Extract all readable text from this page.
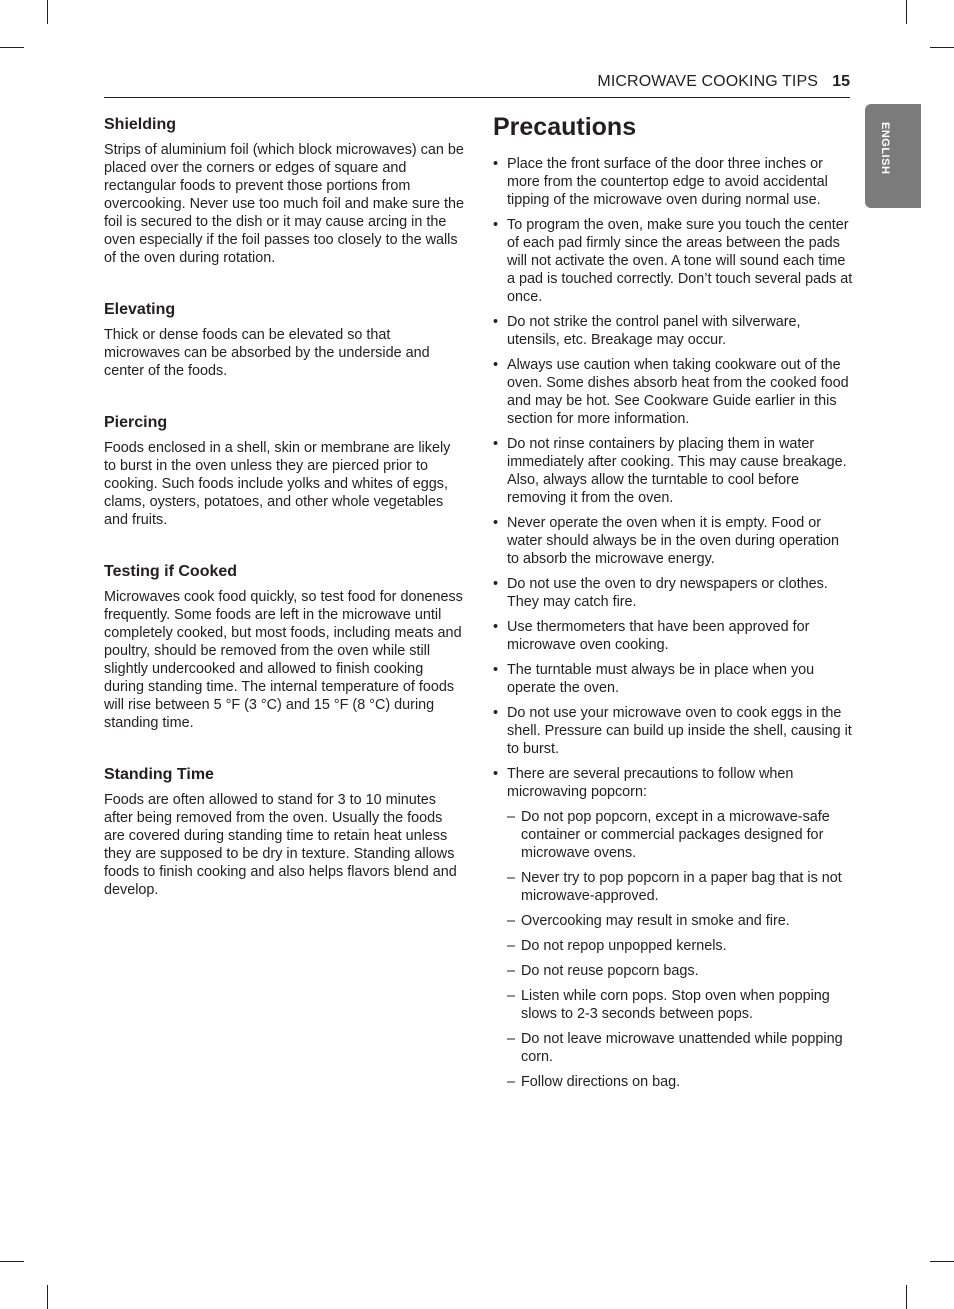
MICROWAVE COOKING TIPS 15
ENGLISH
Shielding

Strips of aluminium foil (which block microwaves) can be placed over the corners or edges of square and rectangular foods to prevent those portions from overcooking. Never use too much foil and make sure the foil is secured to the dish or it may cause arcing in the oven especially if the foil passes too closely to the walls of the oven during rotation.

Elevating

Thick or dense foods can be elevated so that microwaves can be absorbed by the underside and center of the foods.

Piercing

Foods enclosed in a shell, skin or membrane are likely to burst in the oven unless they are pierced prior to cooking. Such foods include yolks and whites of eggs, clams, oysters, potatoes, and other whole vegetables and fruits.

Testing if Cooked

Microwaves cook food quickly, so test food for doneness frequently. Some foods are left in the microwave until completely cooked, but most foods, including meats and poultry, should be removed from the oven while still slightly undercooked and allowed to finish cooking during standing time. The internal temperature of foods will rise between 5 °F (3 °C) and 15 °F (8 °C) during standing time.

Standing Time

Foods are often allowed to stand for 3 to 10 minutes after being removed from the oven. Usually the foods are covered during standing time to retain heat unless they are supposed to be dry in texture. Standing allows foods to finish cooking and also helps flavors blend and develop.

Precautions
• Place the front surface of the door three inches or more from the countertop edge to avoid accidental tipping of the microwave oven during normal use.
• To program the oven, make sure you touch the center of each pad firmly since the areas between the pads will not activate the oven. A tone will sound each time a pad is touched correctly. Don’t touch several pads at once.
• Do not strike the control panel with silverware, utensils, etc. Breakage may occur.
• Always use caution when taking cookware out of the oven. Some dishes absorb heat from the cooked food and may be hot. See Cookware Guide earlier in this section for more information.
• Do not rinse containers by placing them in water immediately after cooking. This may cause breakage. Also, always allow the turntable to cool before removing it from the oven.
• Never operate the oven when it is empty. Food or water should always be in the oven during operation to absorb the microwave energy.
• Do not use the oven to dry newspapers or clothes. They may catch fire.
• Use thermometers that have been approved for microwave oven cooking.
• The turntable must always be in place when you operate the oven.
• Do not use your microwave oven to cook eggs in the shell. Pressure can build up inside the shell, causing it to burst.
• There are several precautions to follow when microwaving popcorn:
– Do not pop popcorn, except in a microwave-safe container or commercial packages designed for microwave ovens.
– Never try to pop popcorn in a paper bag that is not microwave-approved.
– Overcooking may result in smoke and fire.
– Do not repop unpopped kernels.
– Do not reuse popcorn bags.
– Listen while corn pops. Stop oven when popping slows to 2-3 seconds between pops.
– Do not leave microwave unattended while popping corn.
– Follow directions on bag.
